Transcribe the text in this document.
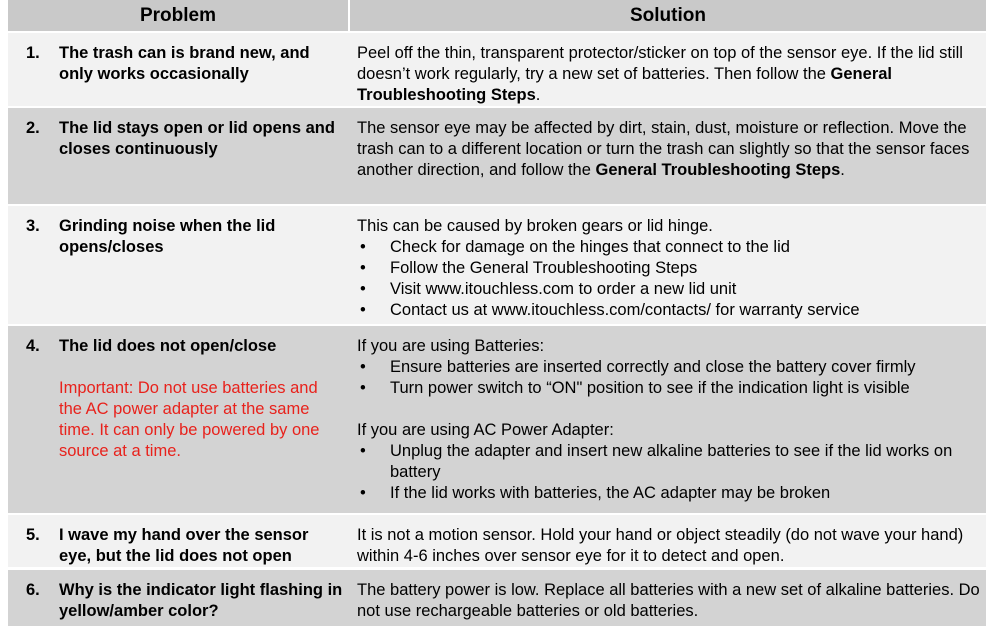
Problem	Solution
1. The trash can is brand new, and only works occasionally
Peel off the thin, transparent protector/sticker on top of the sensor eye. If the lid still doesn’t work regularly, try a new set of batteries. Then follow the General Troubleshooting Steps.
2. The lid stays open or lid opens and closes continuously
The sensor eye may be affected by dirt, stain, dust, moisture or reflection. Move the trash can to a different location or turn the trash can slightly so that the sensor faces another direction, and follow the General Troubleshooting Steps.
3. Grinding noise when the lid opens/closes

This can be caused by broken gears or lid hinge.

• Check for damage on the hinges that connect to the lid
• Follow the General Troubleshooting Steps
• Visit www.itouchless.com to order a new lid unit
• Contact us at www.itouchless.com/contacts/ for warranty service
4. The lid does not open/close
Important: Do not use batteries and the AC power adapter at the same time. It can only be powered by one source at a time.

If you are using Batteries:

• Ensure batteries are inserted correctly and close the battery cover firmly
• Turn power switch to “ON" position to see if the indication light is visible

If you are using AC Power Adapter:

• Unplug the adapter and insert new alkaline batteries to see if the lid works on battery
• If the lid works with batteries, the AC adapter may be broken
5. I wave my hand over the sensor eye, but the lid does not open
It is not a motion sensor. Hold your hand or object steadily (do not wave your hand) within 4-6 inches over sensor eye for it to detect and open.
6. Why is the indicator light flashing in yellow/amber color?
The battery power is low. Replace all batteries with a new set of alkaline batteries. Do not use rechargeable batteries or old batteries.
